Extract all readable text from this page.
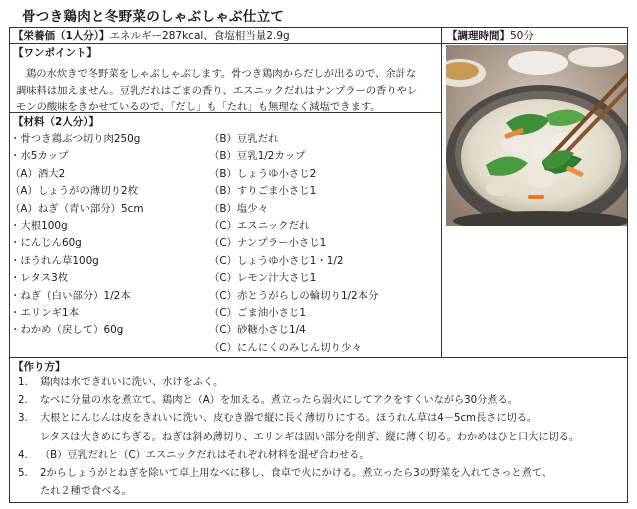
骨つき鶏肉と冬野菜のしゃぶしゃぶ仕立て
【栄養価（1人分）】エネルギー287kcal、食塩相当量2.9g	【調理時間】50分
【ワンポイント】
鶏の水炊きで冬野菜をしゃぶしゃぶします。骨つき鶏肉からだしが出るので、余計な
調味料は加えません。豆乳だれはごまの香り、エスニックだれはナンプラーの香りやレ
モンの酸味をきかせているので、「だし」も「たれ」も無理なく減塩できます。
【材料（2人分）】
・骨つき鶏ぶつ切り肉250g
・水5カップ
（A）酒大2
（A）しょうがの薄切り2枚
（A）ねぎ（青い部分）5cm
・大根100g
・にんじん60g
・ほうれん草100g
・レタス3枚
・ねぎ（白い部分）1/2本
・エリンギ1本
・わかめ（戻して）60g
（B）豆乳だれ
（B）豆乳1/2カップ
（B）しょうゆ小さじ2
（B）すりごま小さじ1
（B）塩少々
（C）エスニックだれ
（C）ナンプラー小さじ1
（C）しょうゆ小さじ1・1/2
（C）レモン汁大さじ1
（C）赤とうがらしの輪切り1/2本分
（C）ごま油小さじ1
（C）砂糖小さじ1/4
（C）にんにくのみじん切り少々
【作り方】
1. 鶏肉は水できれいに洗い、水けをふく。
2. なべに分量の水を煮立て、鶏肉と（A）を加える。煮立ったら弱火にしてアクをすくいながら30分煮る。
3. 大根とにんじんは皮をきれいに洗い、皮むき器で縦に長く薄切りにする。ほうれん草は4－5cm長さに切る。
レタスは大きめにちぎる。ねぎは斜め薄切り、エリンギは固い部分を削ぎ、縦に薄く切る。わかめはひと口大に切る。
4. （B）豆乳だれと（C）エスニックだれはそれぞれ材料を混ぜ合わせる。
5. 2からしょうがとねぎを除いて卓上用なべに移し、食卓で火にかける。煮立ったら3の野菜を入れてさっと煮て、
たれ２種で食べる。
